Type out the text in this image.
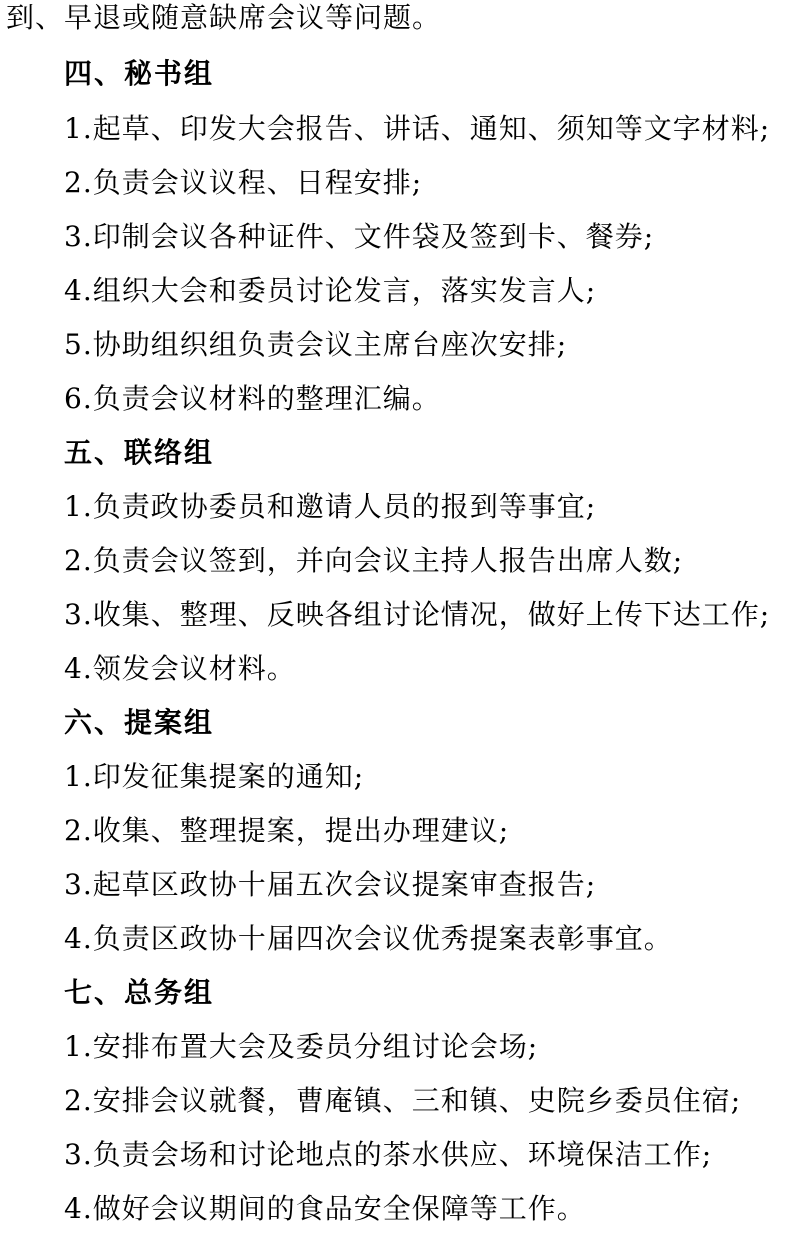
到、早退或随意缺席会议等问题。
四、秘书组
1.起草、印发大会报告、讲话、通知、须知等文字材料;
2.负责会议议程、日程安排;
3.印制会议各种证件、文件袋及签到卡、餐券;
4.组织大会和委员讨论发言，落实发言人;
5.协助组织组负责会议主席台座次安排;
6.负责会议材料的整理汇编。
五、联络组
1.负责政协委员和邀请人员的报到等事宜;
2.负责会议签到，并向会议主持人报告出席人数;
3.收集、整理、反映各组讨论情况，做好上传下达工作;
4.领发会议材料。
六、提案组
1.印发征集提案的通知;
2.收集、整理提案，提出办理建议;
3.起草区政协十届五次会议提案审查报告;
4.负责区政协十届四次会议优秀提案表彰事宜。
七、总务组
1.安排布置大会及委员分组讨论会场;
2.安排会议就餐，曹庵镇、三和镇、史院乡委员住宿;
3.负责会场和讨论地点的茶水供应、环境保洁工作;
4.做好会议期间的食品安全保障等工作。
